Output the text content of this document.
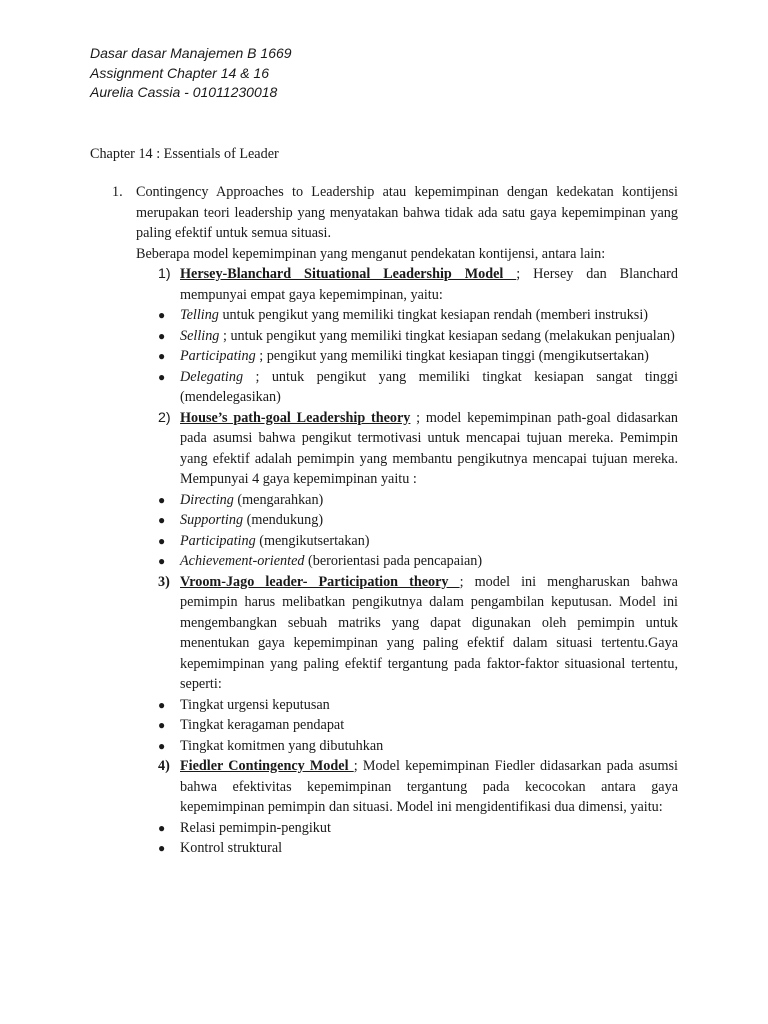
Dasar dasar Manajemen B 1669
Assignment Chapter 14 & 16
Aurelia Cassia - 01011230018
Chapter 14 : Essentials of Leader
1. Contingency Approaches to Leadership atau kepemimpinan dengan kedekatan kontijensi merupakan teori leadership yang menyatakan bahwa tidak ada satu gaya kepemimpinan yang paling efektif untuk semua situasi.
Beberapa model kepemimpinan yang menganut pendekatan kontijensi, antara lain:
1) Hersey-Blanchard Situational Leadership Model ; Hersey dan Blanchard mempunyai empat gaya kepemimpinan, yaitu:
● Telling untuk pengikut yang memiliki tingkat kesiapan rendah (memberi instruksi)
● Selling ; untuk pengikut yang memiliki tingkat kesiapan sedang (melakukan penjualan)
● Participating ; pengikut yang memiliki tingkat kesiapan tinggi (mengikutsertakan)
● Delegating ; untuk pengikut yang memiliki tingkat kesiapan sangat tinggi (mendelegasikan)
2) House’s path-goal Leadership theory ; model kepemimpinan path-goal didasarkan pada asumsi bahwa pengikut termotivasi untuk mencapai tujuan mereka. Pemimpin yang efektif adalah pemimpin yang membantu pengikutnya mencapai tujuan mereka. Mempunyai 4 gaya kepemimpinan yaitu :
● Directing (mengarahkan)
● Supporting (mendukung)
● Participating (mengikutsertakan)
● Achievement-oriented (berorientasi pada pencapaian)
3) Vroom-Jago leader- Participation theory ; model ini mengharuskan bahwa pemimpin harus melibatkan pengikutnya dalam pengambilan keputusan. Model ini mengembangkan sebuah matriks yang dapat digunakan oleh pemimpin untuk menentukan gaya kepemimpinan yang paling efektif dalam situasi tertentu.Gaya kepemimpinan yang paling efektif tergantung pada faktor-faktor situasional tertentu, seperti:
● Tingkat urgensi keputusan
● Tingkat keragaman pendapat
● Tingkat komitmen yang dibutuhkan
4) Fiedler Contingency Model ; Model kepemimpinan Fiedler didasarkan pada asumsi bahwa efektivitas kepemimpinan tergantung pada kecocokan antara gaya kepemimpinan pemimpin dan situasi. Model ini mengidentifikasi dua dimensi, yaitu:
● Relasi pemimpin-pengikut
● Kontrol struktural
